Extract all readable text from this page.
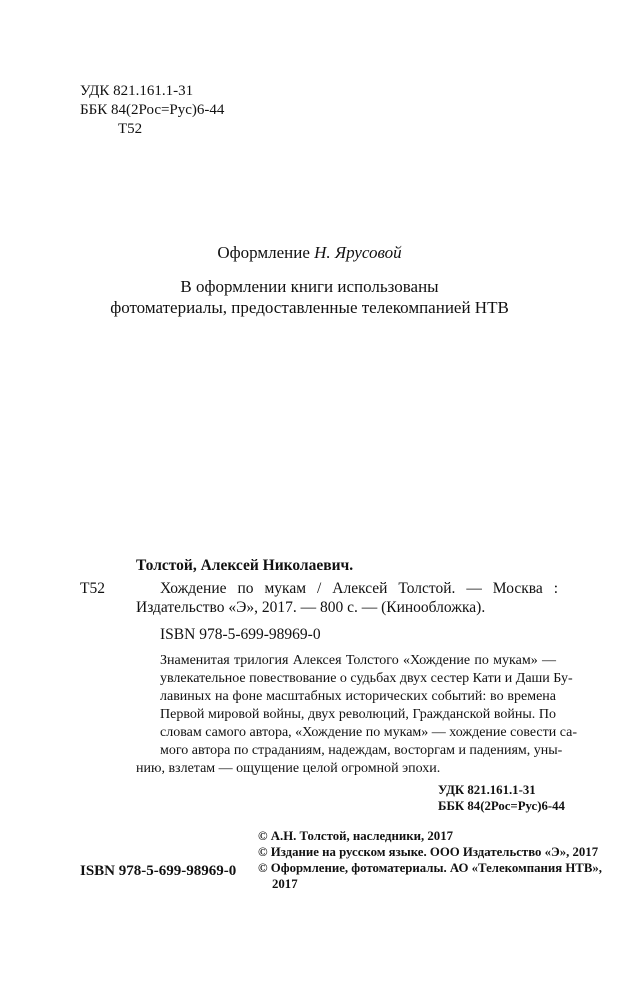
УДК 821.161.1-31
ББК 84(2Рос=Рус)6-44
Т52
Оформление Н. Ярусовой
В оформлении книги использованы
фотоматериалы, предоставленные телекомпанией НТВ
Толстой, Алексей Николаевич.
Т52	Хождение по мукам / Алексей Толстой. — Москва :
Издательство «Э», 2017. — 800 с. — (Кинообложка).
ISBN 978-5-699-98969-0
Знаменитая трилогия Алексея Толстого «Хождение по мукам» —
увлекательное повествование о судьбах двух сестер Кати и Даши Бу-
лавиных на фоне масштабных исторических событий: во времена
Первой мировой войны, двух революций, Гражданской войны. По
словам самого автора, «Хождение по мукам» — хождение совести са-
мого автора по страданиям, надеждам, восторгам и падениям, уны-
нию, взлетам — ощущение целой огромной эпохи.
УДК 821.161.1-31
ББК 84(2Рос=Рус)6-44
ISBN 978-5-699-98969-0
© А.Н. Толстой, наследники, 2017
© Издание на русском языке. ООО Издательство «Э», 2017
© Оформление, фотоматериалы. АО «Телекомпания НТВ»,
2017
